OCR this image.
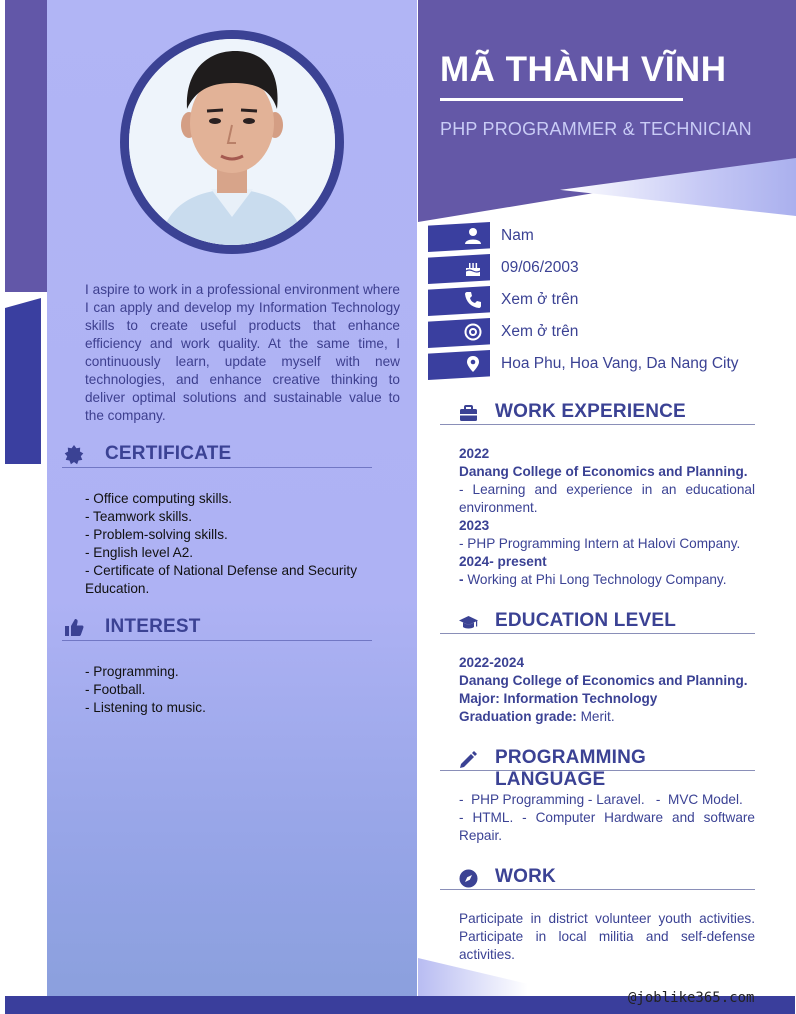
I aspire to work in a professional environment where I can apply and develop my Information Technology skills to create useful products that enhance efficiency and work quality. At the same time, I continuously learn, update myself with new technologies, and enhance creative thinking to deliver optimal solutions and sustainable value to the company.

CERTIFICATE
- Office computing skills.
- Teamwork skills.
- Problem-solving skills.
- English level A2.
- Certificate of National Defense and Security Education.
INTEREST
- Programming.
- Football.
- Listening to music.
MÃ THÀNH VĨNH
PHP PROGRAMMER & TECHNICIAN
Nam
09/06/2003
Xem ở trên
Xem ở trên
Hoa Phu, Hoa Vang, Da Nang City
WORK EXPERIENCE
2022
Danang College of Economics and Planning.
- Learning and experience in an educational environment.
2023
- PHP Programming Intern at Halovi Company.
2024- present
- Working at Phi Long Technology Company.
EDUCATION LEVEL
2022-2024
Danang College of Economics and Planning.
Major: Information Technology
Graduation grade: Merit.
PROGRAMMING LANGUAGE
-  PHP Programming - Laravel.   -  MVC Model.
- HTML. - Computer Hardware and software Repair.
WORK
Participate in district volunteer youth activities. Participate in local militia and self-defense activities.
@joblike365.com
